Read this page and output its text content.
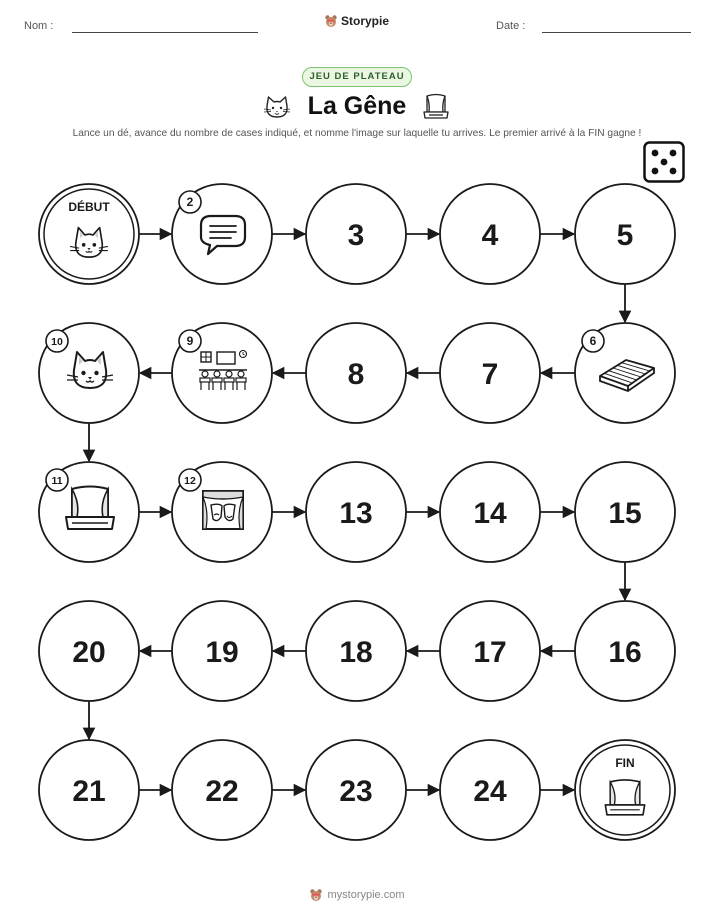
Nom :	Storypie	Date :
JEU DE PLATEAU
La Gêne
Lance un dé, avance du nombre de cases indiqué, et nomme l'image sur laquelle tu arrives. Le premier arrivé à la FIN gagne !
DÉBUT	2
3	4	5
6
7
8
9
10
11	12
13	14	15
16
17
18
19
20
21	22	23	24
FIN
mystorypie.com
